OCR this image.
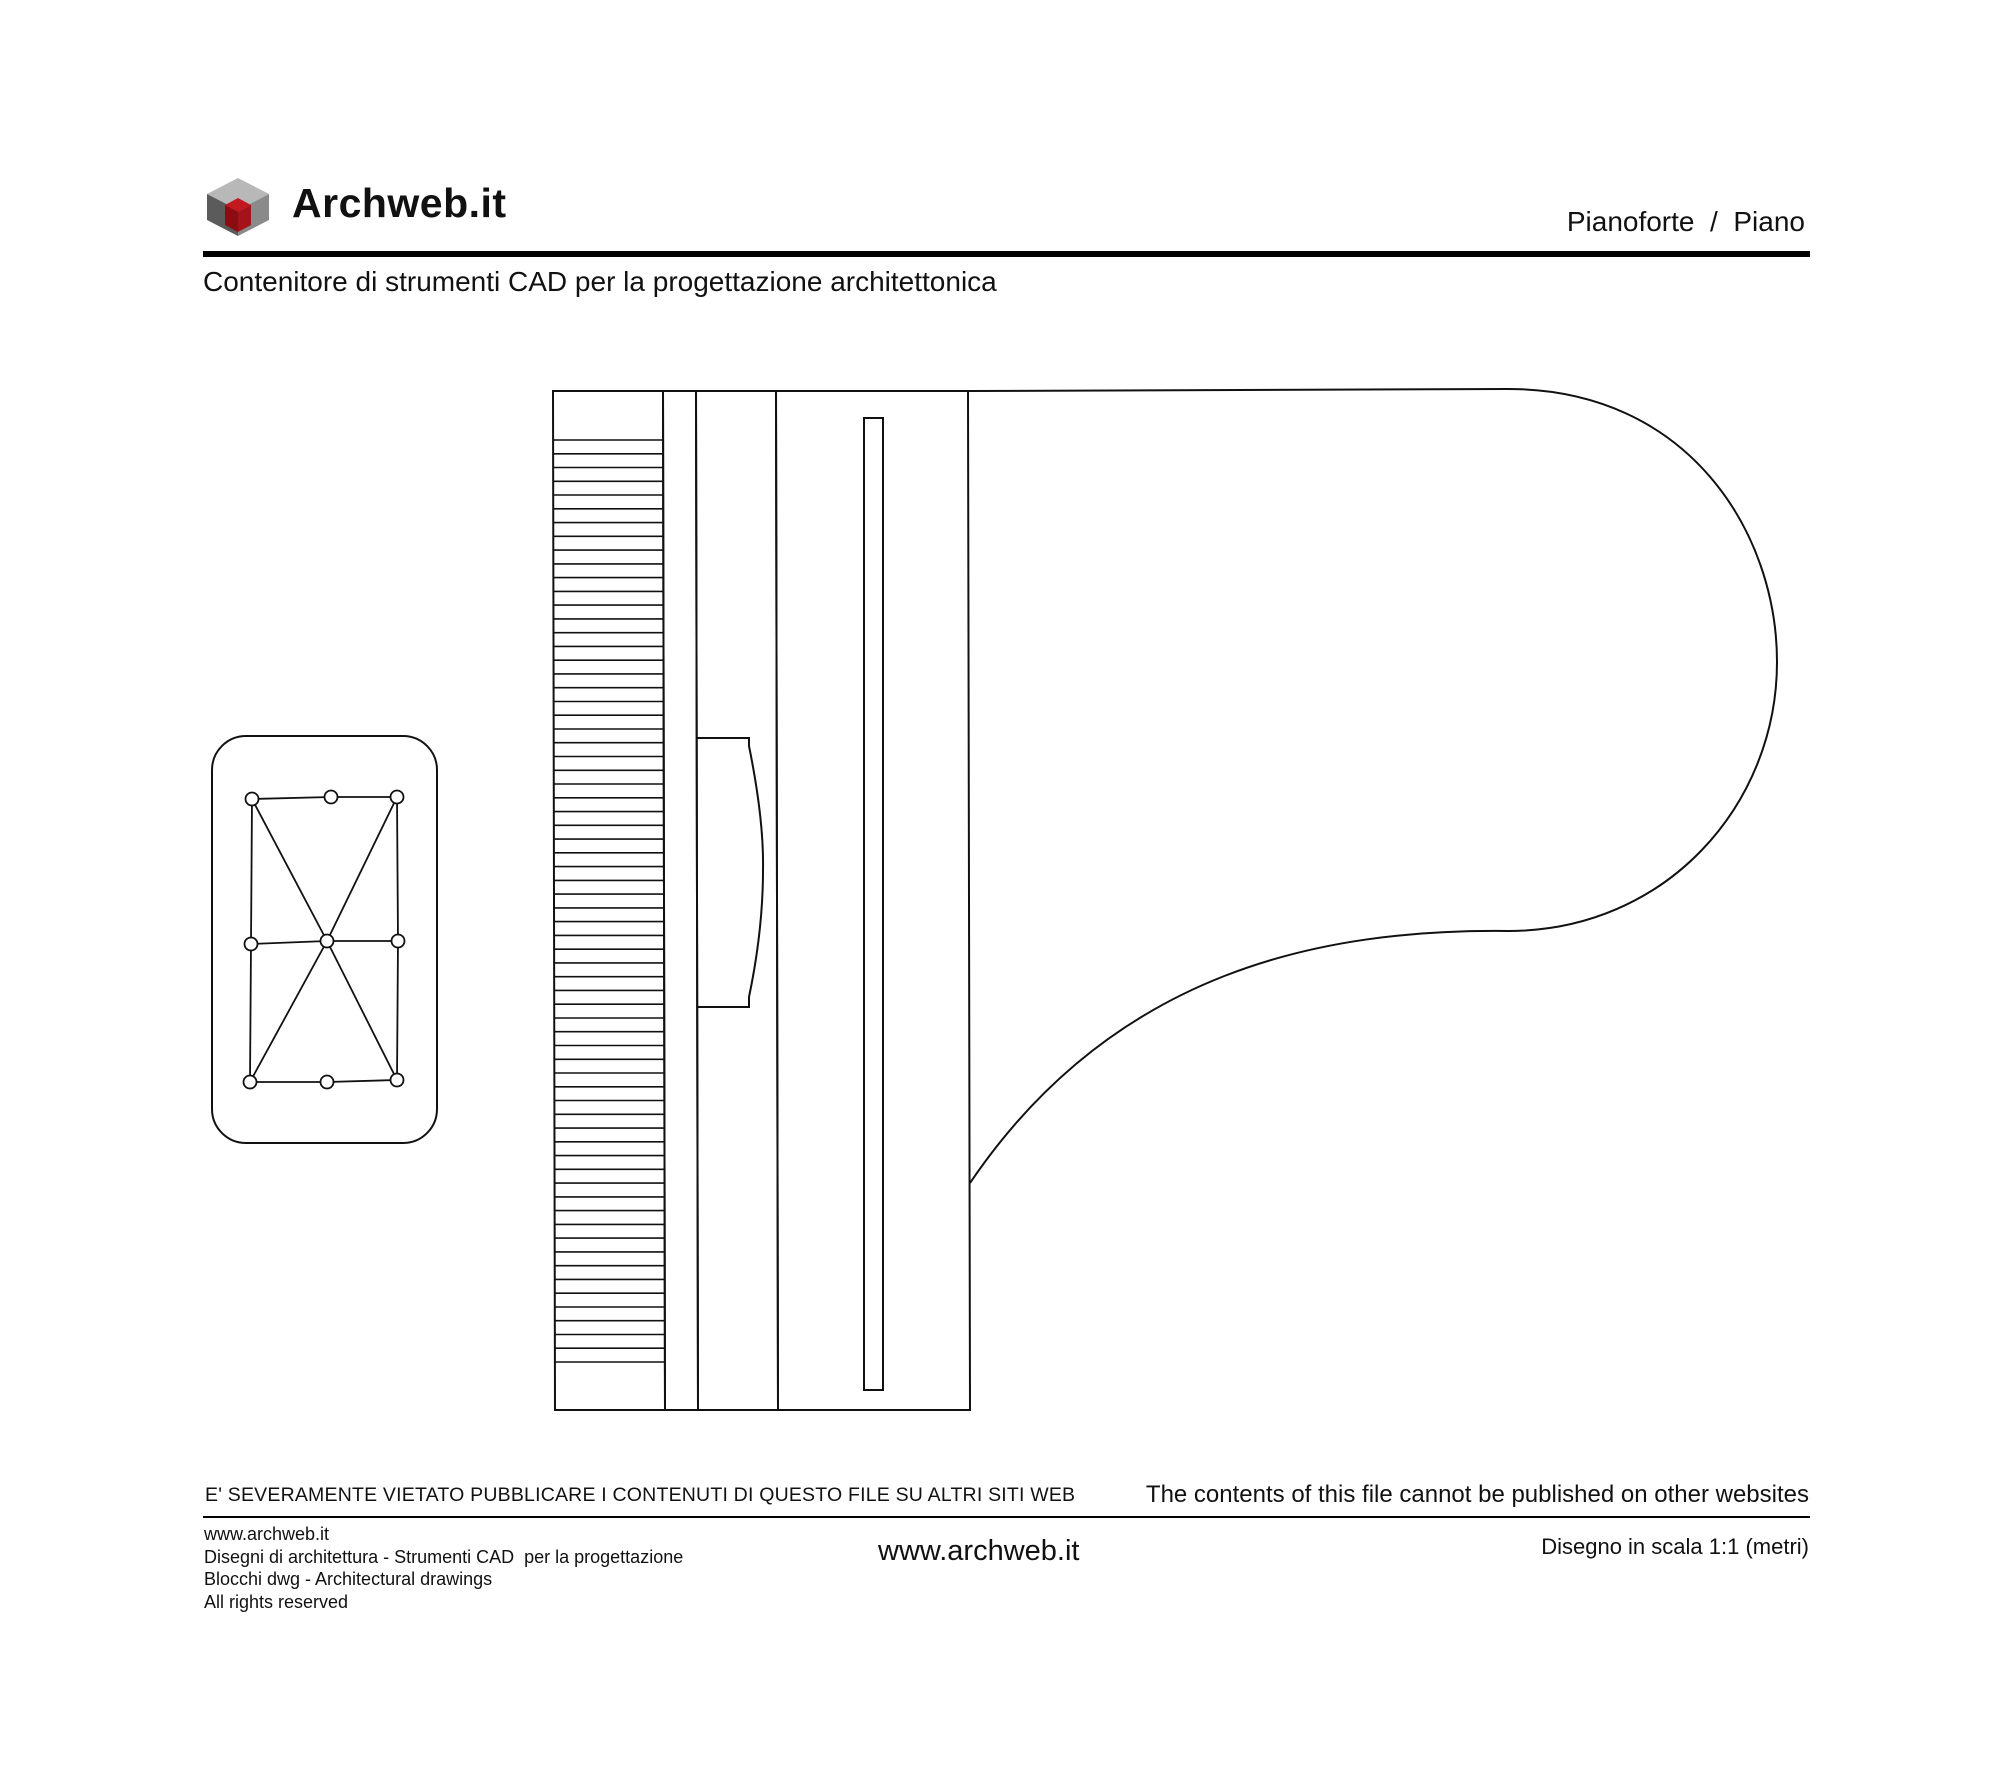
Archweb.it	Pianoforte  /  Piano
Contenitore di strumenti CAD per la progettazione architettonica
E' SEVERAMENTE VIETATO PUBBLICARE I CONTENUTI DI QUESTO FILE SU ALTRI SITI WEB	The contents of this file cannot be published on other websites
www.archweb.it
Disegni di architettura - Strumenti CAD  per la progettazione
Blocchi dwg - Architectural drawings
All rights reserved
www.archweb.it	Disegno in scala 1:1 (metri)
